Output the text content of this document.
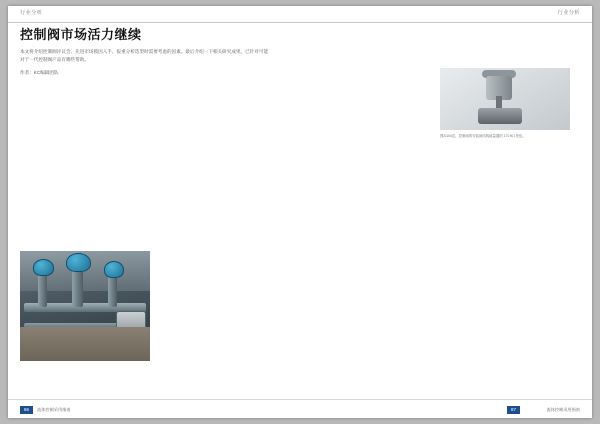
行业分析	行业分析
控制阀市场活力继续
本文将介绍控制阀评议会、先进市场模因入手、报重分析选型时需要考虑的因素。最后介绍一下相关研究成果，已针对可能对于一代控制阀产品有哪些帮助。
作者：KC编辑团队

图2/104页，控制阀的安装阀结构能量器的 170 ft口差化。

86	流体控制采用指南	87	流体控制采用指南
